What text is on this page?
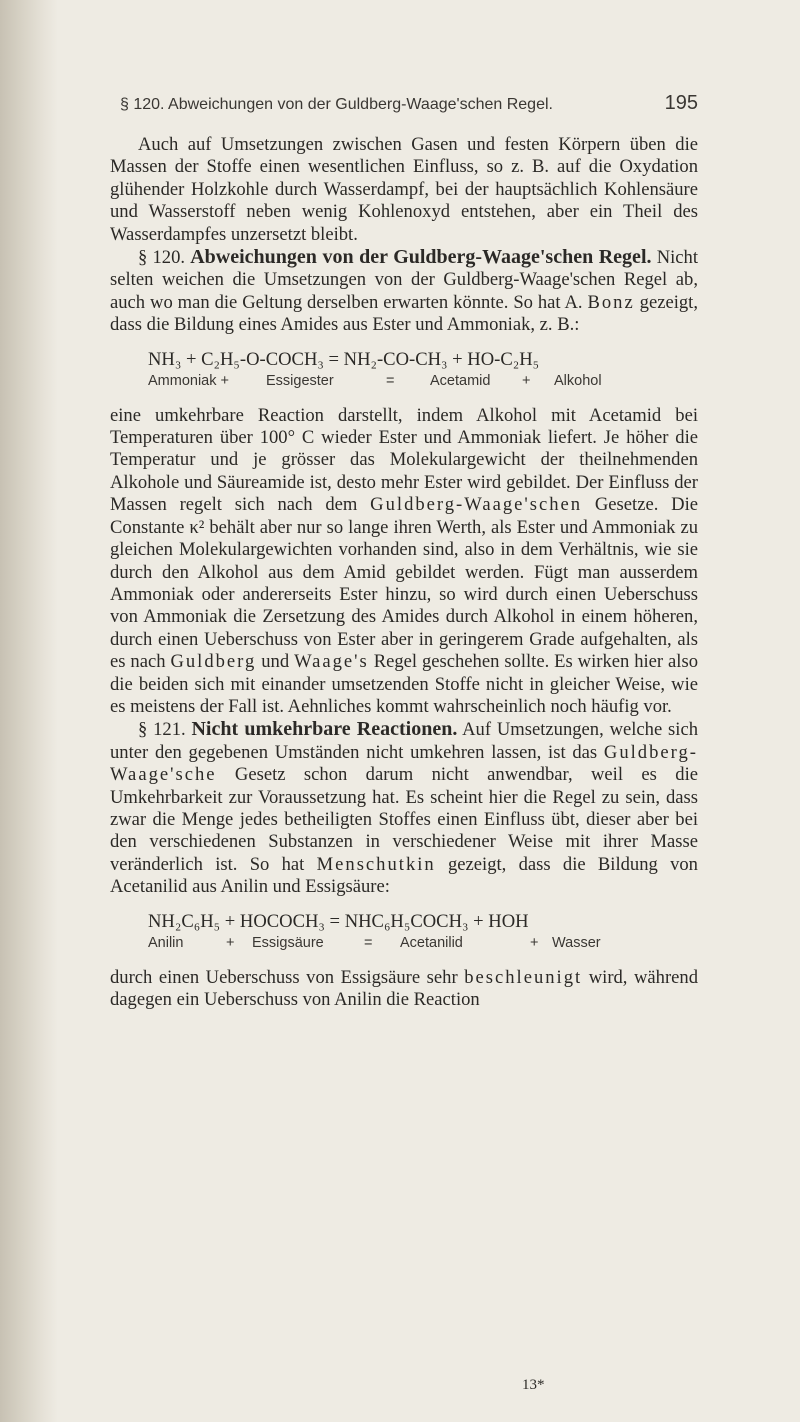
§ 120. Abweichungen von der Guldberg-Waage'schen Regel.	195

Auch auf Umsetzungen zwischen Gasen und festen Körpern üben die Massen der Stoffe einen wesentlichen Einfluss, so z. B. auf die Oxydation glühender Holzkohle durch Wasserdampf, bei der hauptsächlich Kohlensäure und Wasserstoff neben wenig Kohlenoxyd entstehen, aber ein Theil des Wasserdampfes unzersetzt bleibt.

§ 120. Abweichungen von der Guldberg-Waage'schen Regel. Nicht selten weichen die Umsetzungen von der Guldberg-Waage'schen Regel ab, auch wo man die Geltung derselben erwarten könnte. So hat A. Bonz gezeigt, dass die Bildung eines Amides aus Ester und Ammoniak, z. B.:

NH₃ + C₂H₅-O-COCH₃ = NH₂-CO-CH₃ + HO-C₂H₅
Ammoniak +	Essigester	= Acetamid + Alkohol

eine umkehrbare Reaction darstellt, indem Alkohol mit Acetamid bei Temperaturen über 100° C wieder Ester und Ammoniak liefert. Je höher die Temperatur und je grösser das Molekulargewicht der theilnehmenden Alkohole und Säureamide ist, desto mehr Ester wird gebildet. Der Einfluss der Massen regelt sich nach dem Guldberg-Waage'schen Gesetze. Die Constante κ² behält aber nur so lange ihren Werth, als Ester und Ammoniak zu gleichen Molekulargewichten vorhanden sind, also in dem Verhältnis, wie sie durch den Alkohol aus dem Amid gebildet werden. Fügt man ausserdem Ammoniak oder andererseits Ester hinzu, so wird durch einen Ueberschuss von Ammoniak die Zersetzung des Amides durch Alkohol in einem höheren, durch einen Ueberschuss von Ester aber in geringerem Grade aufgehalten, als es nach Guldberg und Waage's Regel geschehen sollte. Es wirken hier also die beiden sich mit einander umsetzenden Stoffe nicht in gleicher Weise, wie es meistens der Fall ist. Aehnliches kommt wahrscheinlich noch häufig vor.

§ 121. Nicht umkehrbare Reactionen. Auf Umsetzungen, welche sich unter den gegebenen Umständen nicht umkehren lassen, ist das Guldberg-Waage'sche Gesetz schon darum nicht anwendbar, weil es die Umkehrbarkeit zur Voraussetzung hat. Es scheint hier die Regel zu sein, dass zwar die Menge jedes betheiligten Stoffes einen Einfluss übt, dieser aber bei den verschiedenen Substanzen in verschiedener Weise mit ihrer Masse veränderlich ist. So hat Menschutkin gezeigt, dass die Bildung von Acetanilid aus Anilin und Essigsäure:

NH₂C₆H₅ + HOCOCH₃ = NHC₆H₅COCH₃ + HOH
Anilin	+ Essigsäure	= Acetanilid	+ Wasser

durch einen Ueberschuss von Essigsäure sehr beschleunigt wird, während dagegen ein Ueberschuss von Anilin die Reaction

13*
